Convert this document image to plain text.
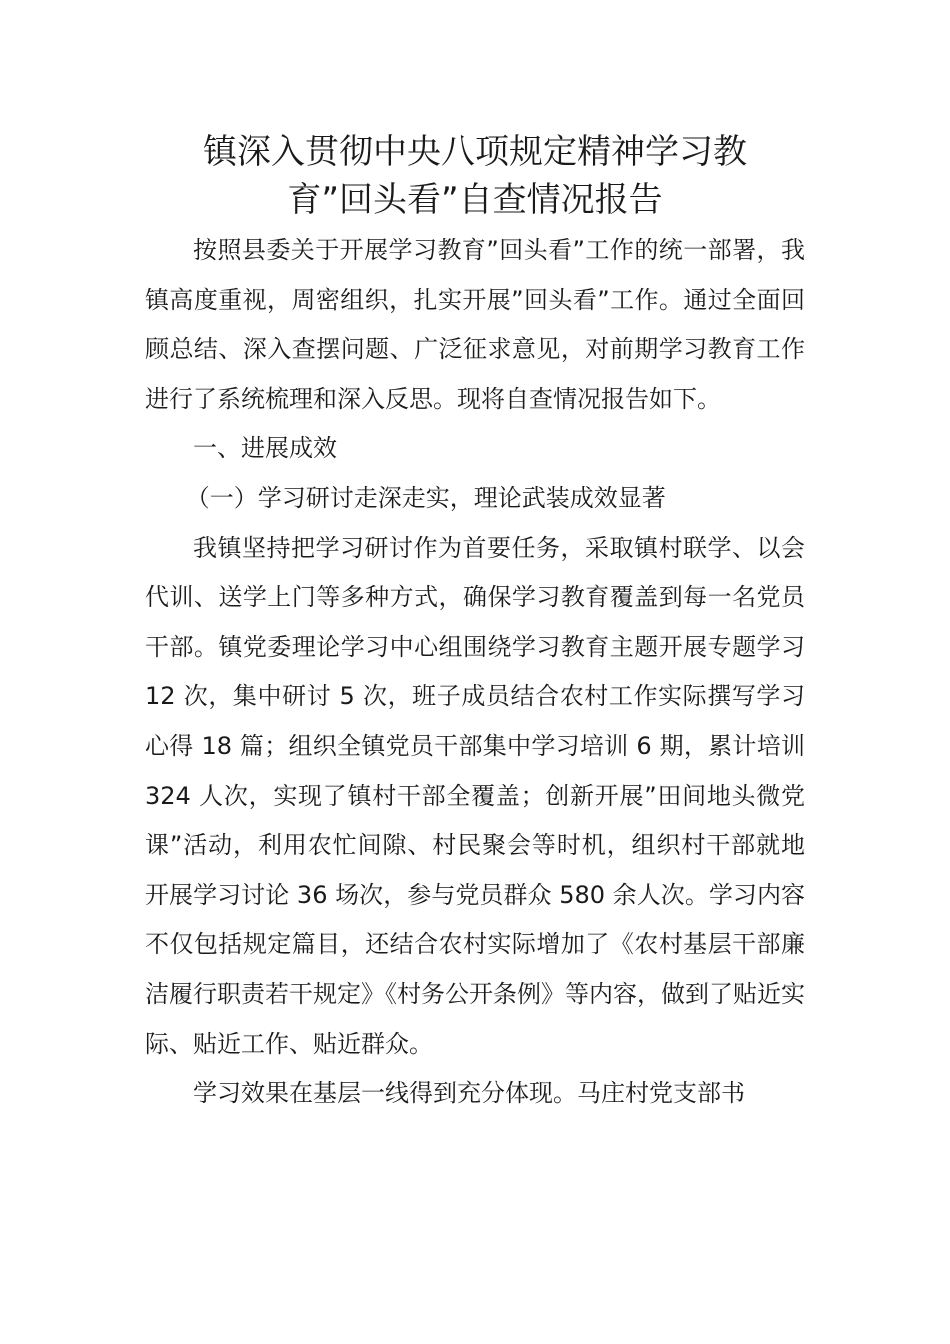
镇深入贯彻中央八项规定精神学习教
育”回头看”自查情况报告

按照县委关于开展学习教育”回头看”工作的统一部署，我镇高度重视，周密组织，扎实开展”回头看”工作。通过全面回顾总结、深入查摆问题、广泛征求意见，对前期学习教育工作进行了系统梳理和深入反思。现将自查情况报告如下。

一、进展成效

（一）学习研讨走深走实，理论武装成效显著

我镇坚持把学习研讨作为首要任务，采取镇村联学、以会代训、送学上门等多种方式，确保学习教育覆盖到每一名党员干部。镇党委理论学习中心组围绕学习教育主题开展专题学习 12 次，集中研讨 5 次，班子成员结合农村工作实际撰写学习心得 18 篇；组织全镇党员干部集中学习培训 6 期，累计培训 324 人次，实现了镇村干部全覆盖；创新开展”田间地头微党课”活动，利用农忙间隙、村民聚会等时机，组织村干部就地开展学习讨论 36 场次，参与党员群众 580 余人次。学习内容不仅包括规定篇目，还结合农村实际增加了《农村基层干部廉洁履行职责若干规定》《村务公开条例》等内容，做到了贴近实际、贴近工作、贴近群众。

学习效果在基层一线得到充分体现。马庄村党支部书
